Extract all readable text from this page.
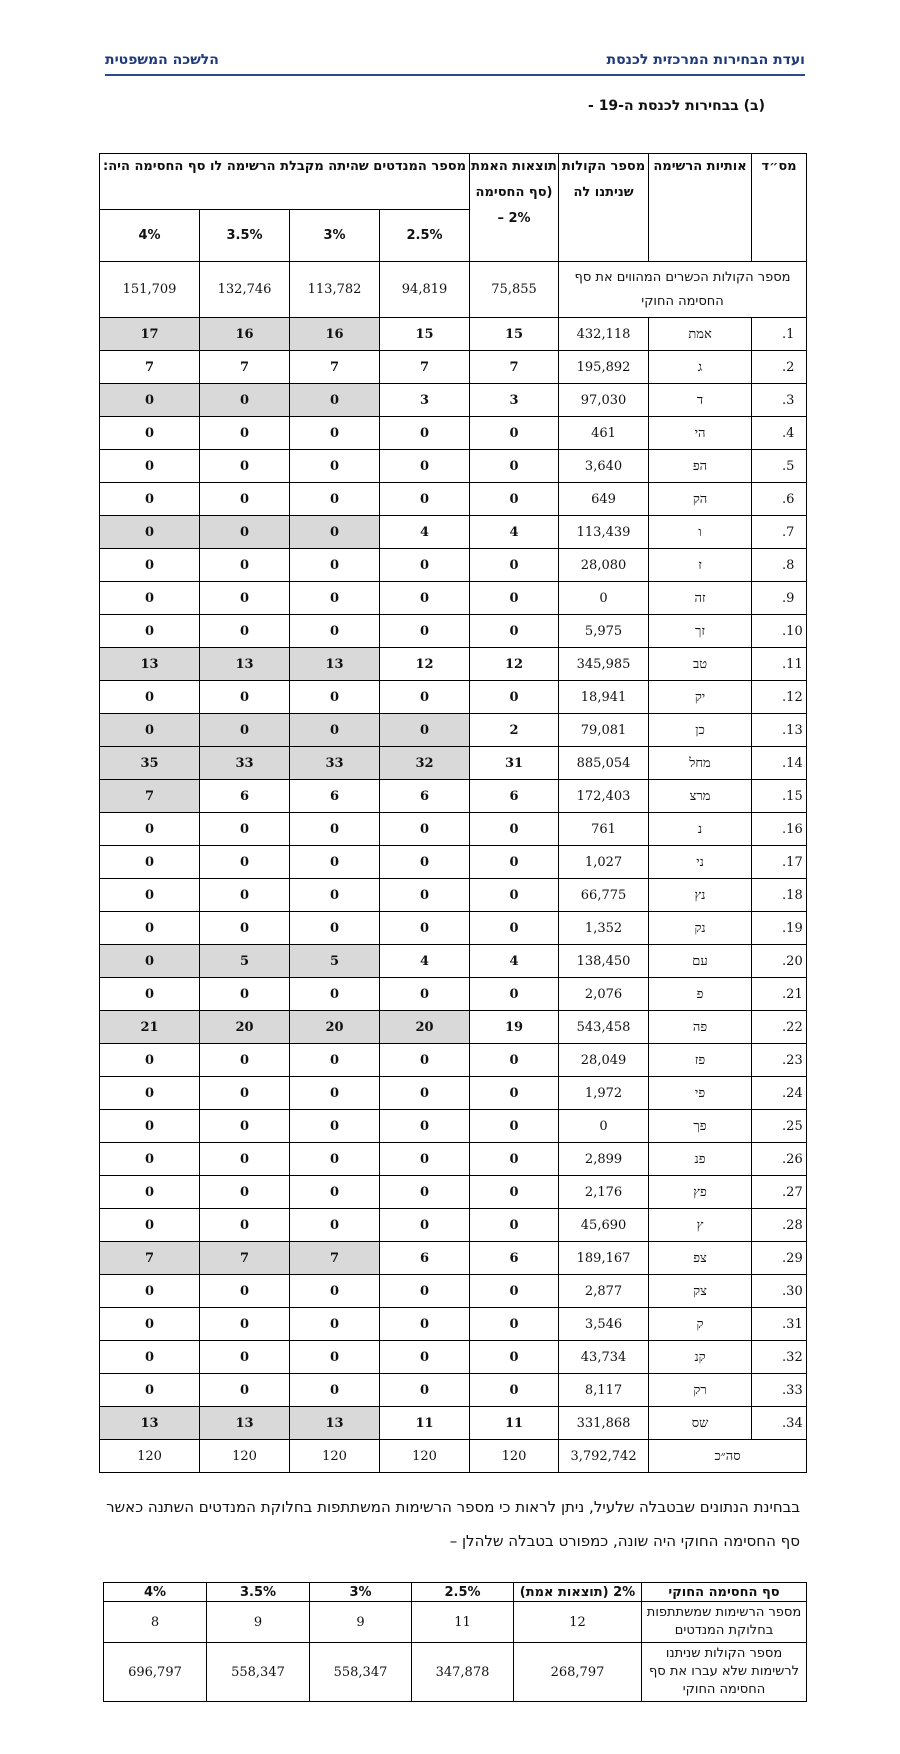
ועדת הבחירות המרכזית לכנסת
הלשכה המשפטית
(ב) בבחירות לכנסת ה-19 -
מס״ד	אותיות הרשימה	מספר הקולות שניתנו לה	תוצאות האמת (סף החסימה 2% –	מספר המנדטים שהיתה מקבלת הרשימה לו סף החסימה היה:			
				2.5%	3%	3.5%	4%
מספר הקולות הכשרים המהווים את סף החסימה החוקי			75,855	94,819	113,782	132,746	151,709
1.	אמת	432,118	15	15	16	16	17
2.	ג	195,892	7	7	7	7	7
3.	ד	97,030	3	3	0	0	0
4.	הי	461	0	0	0	0	0
5.	הפ	3,640	0	0	0	0	0
6.	הק	649	0	0	0	0	0
7.	ו	113,439	4	4	0	0	0
8.	ז	28,080	0	0	0	0	0
9.	זה	0	0	0	0	0	0
10.	זך	5,975	0	0	0	0	0
11.	טב	345,985	12	12	13	13	13
12.	יק	18,941	0	0	0	0	0
13.	כן	79,081	2	0	0	0	0
14.	מחל	885,054	31	32	33	33	35
15.	מרצ	172,403	6	6	6	6	7
16.	נ	761	0	0	0	0	0
17.	ני	1,027	0	0	0	0	0
18.	נץ	66,775	0	0	0	0	0
19.	נק	1,352	0	0	0	0	0
20.	עם	138,450	4	4	5	5	0
21.	פ	2,076	0	0	0	0	0
22.	פה	543,458	19	20	20	20	21
23.	פז	28,049	0	0	0	0	0
24.	פי	1,972	0	0	0	0	0
25.	פך	0	0	0	0	0	0
26.	פנ	2,899	0	0	0	0	0
27.	פץ	2,176	0	0	0	0	0
28.	ץ	45,690	0	0	0	0	0
29.	צפ	189,167	6	6	7	7	7
30.	צק	2,877	0	0	0	0	0
31.	ק	3,546	0	0	0	0	0
32.	קנ	43,734	0	0	0	0	0
33.	רק	8,117	0	0	0	0	0
34.	שס	331,868	11	11	13	13	13
סה״כ		3,792,742	120	120	120	120	120
בבחינת הנתונים שבטבלה שלעיל, ניתן לראות כי מספר הרשימות המשתתפות בחלוקת המנדטים השתנה כאשר סף החסימה החוקי היה שונה, כמפורט בטבלה שלהלן –
סף החסימה החוקי	2% (תוצאות אמת)	2.5%	3%	3.5%	4%
מספר הרשימות שמשתתפות בחלוקת המנדטים	12	11	9	9	8
מספר הקולות שניתנו לרשימות שלא עברו את סף החסימה החוקי	268,797	347,878	558,347	558,347	696,797
